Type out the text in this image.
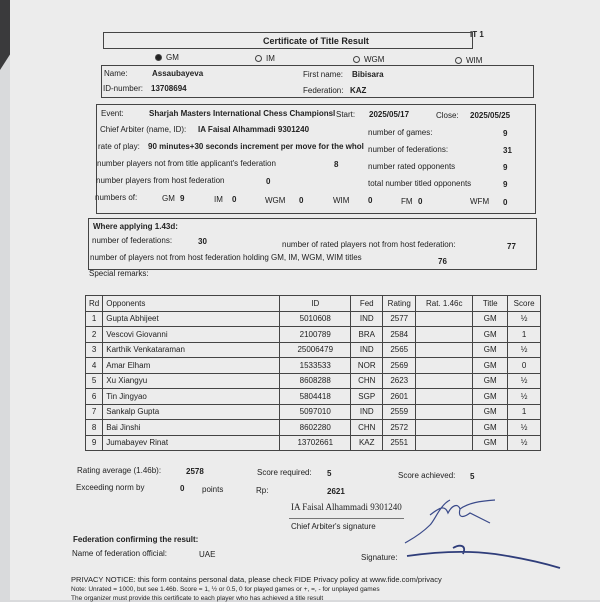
IT 1
Certificate of Title Result
GM	IM	WGM	WIM
Name:	Assaubayeva	First name: Bibisara
ID-number: 13708694	Federation: KAZ
Event:	Sharjah Masters International Chess Championsl Start: 2025/05/17	Close: 2025/05/25
Chief Arbiter (name, ID): IA Faisal Alhammadi 9301240	number of games:	9
rate of play: 90 minutes+30 seconds increment per move for the whol number of federations:	31
number players not from title applicant's federation	8	number rated opponents	9
number players from host federation	0	total number titled opponents	9
numbers of:	GM 9	IM 0	WGM 0	WIM 0	FM 0	WFM 0
Where applying 1.43d:
number of federations:	30	number of rated players not from host federation:	77
number of players not from host federation holding GM, IM, WGM, WIM titles	76
Special remarks:
Rd	Opponents	ID	Fed	Rating	Rat. 1.46c	Title	Score
1	Gupta Abhijeet	5010608	IND	2577		GM	½
2	Vescovi Giovanni	2100789	BRA	2584		GM	1
3	Karthik Venkataraman	25006479	IND	2565		GM	½
4	Amar Elham	1533533	NOR	2569		GM	0
5	Xu Xiangyu	8608288	CHN	2623		GM	½
6	Tin Jingyao	5804418	SGP	2601		GM	½
7	Sankalp Gupta	5097010	IND	2559		GM	1
8	Bai Jinshi	8602280	CHN	2572		GM	½
9	Jumabayev Rinat	13702661	KAZ	2551		GM	½
Rating average (1.46b):	2578	Score required: 5	Score achieved: 5
Exceeding norm by	0 points	Rp:	2621
IA Faisal Alhammadi 9301240
Chief Arbiter's signature
Federation confirming the result:
Name of federation official:	UAE	Signature:
PRIVACY NOTICE: this form contains personal data, please check FIDE Privacy policy at www.fide.com/privacy
Note: Unrated = 1000, but see 1.46b. Score = 1, ½ or 0.5, 0 for played games or +, =, - for unplayed games
The organizer must provide this certificate to each player who has achieved a title result
